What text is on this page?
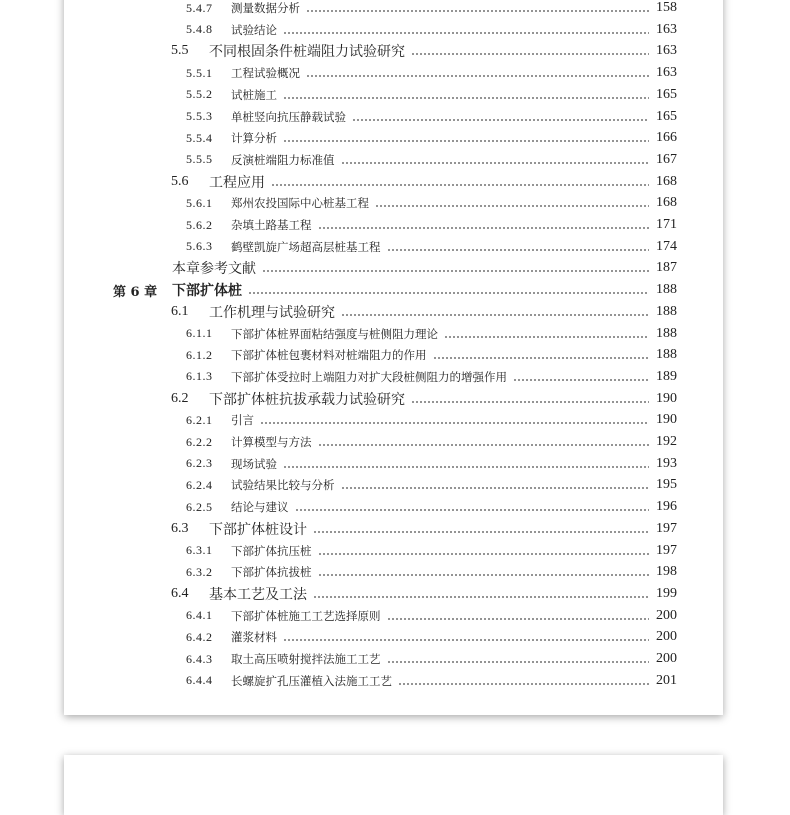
5.4.7	测量数据分析	158
5.4.8	试验结论	163
5.5	不同根固条件桩端阻力试验研究	163
5.5.1	工程试验概况	163
5.5.2	试桩施工	165
5.5.3	单桩竖向抗压静载试验	165
5.5.4	计算分析	166
5.5.5	反演桩端阻力标准值	167
5.6	工程应用	168
5.6.1	郑州农投国际中心桩基工程	168
5.6.2	杂填土路基工程	171
5.6.3	鹤壁凯旋广场超高层桩基工程	174
本章参考文献	187
第 6 章	下部扩体桩	188
6.1	工作机理与试验研究	188
6.1.1	下部扩体桩界面粘结强度与桩侧阻力理论	188
6.1.2	下部扩体桩包裹材料对桩端阻力的作用	188
6.1.3	下部扩体受拉时上端阻力对扩大段桩侧阻力的增强作用	189
6.2	下部扩体桩抗拔承载力试验研究	190
6.2.1	引言	190
6.2.2	计算模型与方法	192
6.2.3	现场试验	193
6.2.4	试验结果比较与分析	195
6.2.5	结论与建议	196
6.3	下部扩体桩设计	197
6.3.1	下部扩体抗压桩	197
6.3.2	下部扩体抗拔桩	198
6.4	基本工艺及工法	199
6.4.1	下部扩体桩施工工艺选择原则	200
6.4.2	灌浆材料	200
6.4.3	取土高压喷射搅拌法施工工艺	200
6.4.4	长螺旋扩孔压灌植入法施工工艺	201
